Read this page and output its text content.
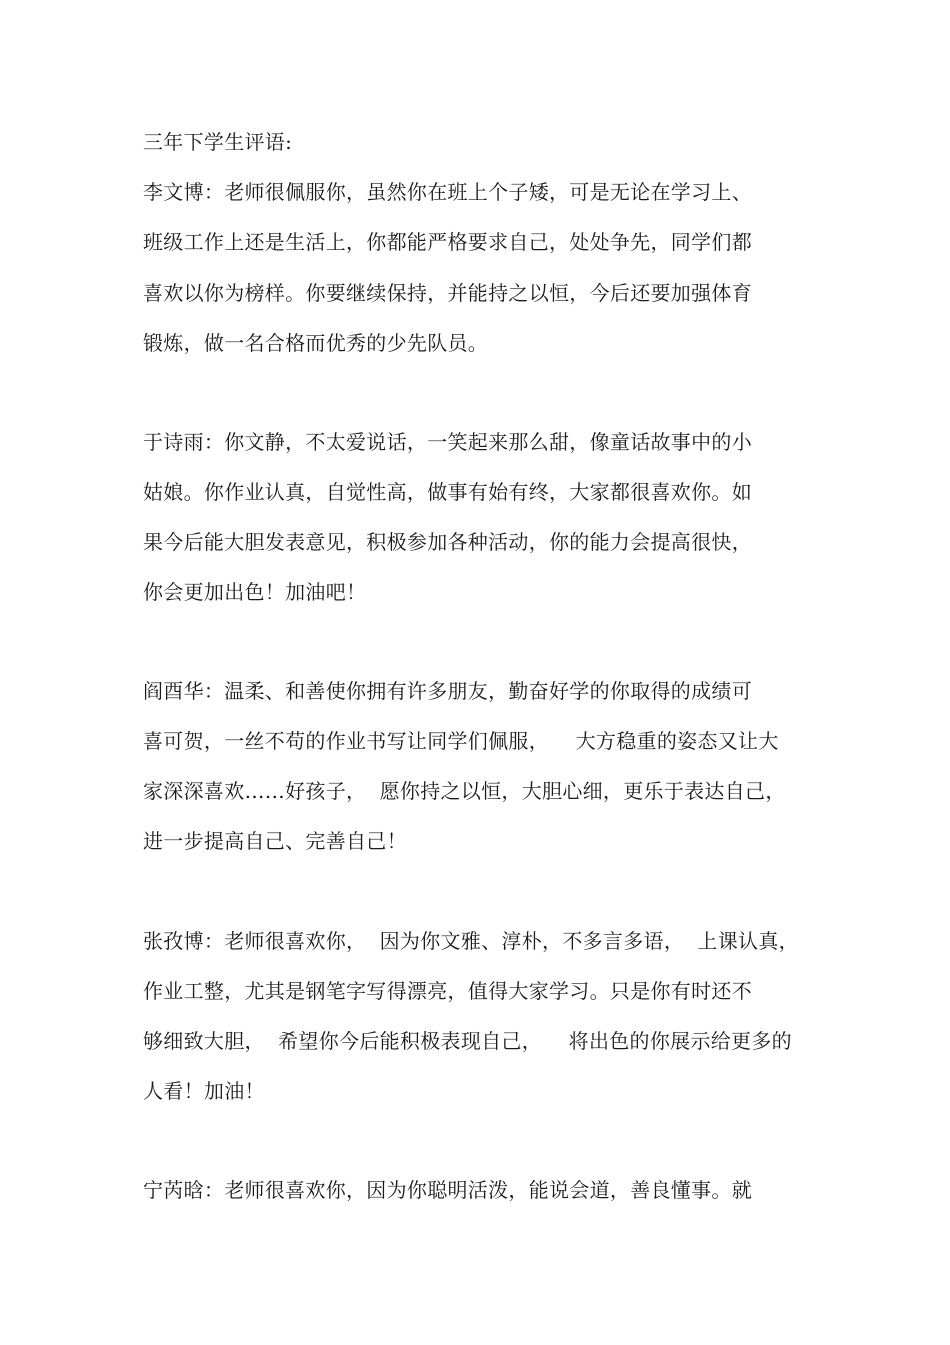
三年下学生评语:
李文博：老师很佩服你，虽然你在班上个子矮，可是无论在学习上、
班级工作上还是生活上，你都能严格要求自己，处处争先，同学们都
喜欢以你为榜样。你要继续保持，并能持之以恒，今后还要加强体育
锻炼，做一名合格而优秀的少先队员。
于诗雨：你文静，不太爱说话，一笑起来那么甜，像童话故事中的小
姑娘。你作业认真，自觉性高，做事有始有终，大家都很喜欢你。如
果今后能大胆发表意见，积极参加各种活动，你的能力会提高很快，
你会更加出色！加油吧！
阎酉华：温柔、和善使你拥有许多朋友，勤奋好学的你取得的成绩可
喜可贺，一丝不苟的作业书写让同学们佩服，    大方稳重的姿态又让大
家深深喜欢……好孩子，  愿你持之以恒，大胆心细，更乐于表达自己，
进一步提高自己、完善自己！
张孜博：老师很喜欢你，  因为你文雅、淳朴，不多言多语，  上课认真，
作业工整，尤其是钢笔字写得漂亮，值得大家学习。只是你有时还不
够细致大胆，  希望你今后能积极表现自己，    将出色的你展示给更多的
人看！加油！
宁芮晗：老师很喜欢你，因为你聪明活泼，能说会道，善良懂事。就
